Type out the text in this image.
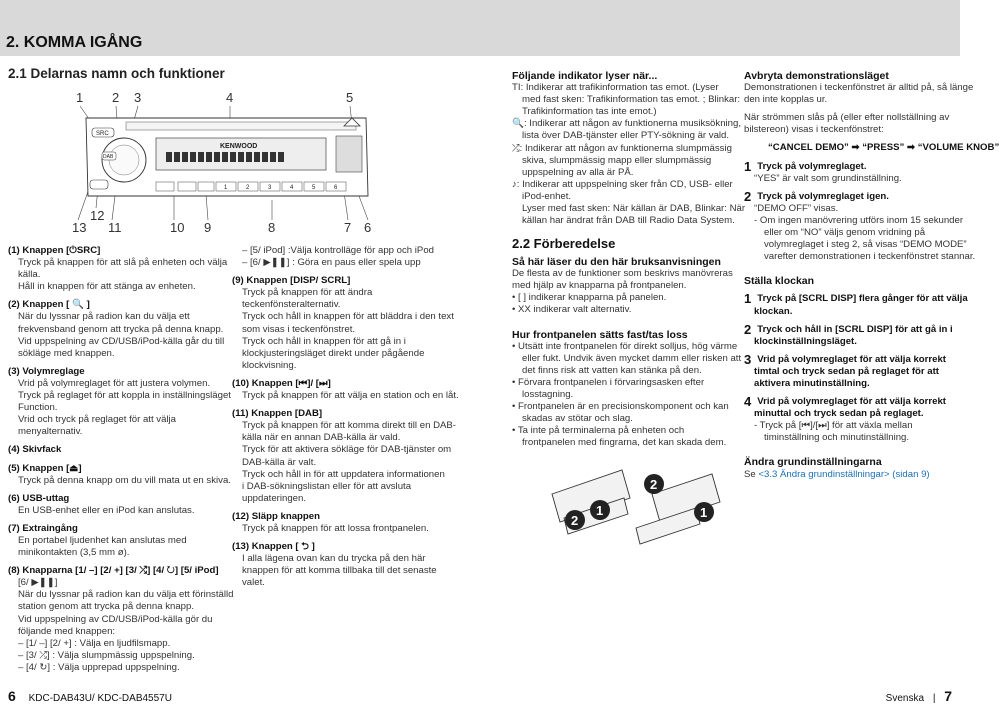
2. KOMMA IGÅNG
2.1 Delarnas namn och funktioner
1 2 3	4	5
12
13 11	10 9	8	7 6
KENWOOD
SRC
DAB
1	2	3	4	5	6

(1) Knappen [⏻SRC]

Tryck på knappen för att slå på enheten och välja

källa.

Håll in knappen för att stänga av enheten.

(2) Knappen [ 🔍 ]

När du lyssnar på radion kan du välja ett

frekvensband genom att trycka på denna knapp.

Vid uppspelning av CD/USB/iPod-källa går du till

sökläge med knappen.

(3) Volymreglage

Vrid på volymreglaget för att justera volymen.

Tryck på reglaget för att koppla in inställningsläget

Function.

Vrid och tryck på reglaget för att välja

menyalternativ.

(4) Skivfack

(5) Knappen [⏏]

Tryck på denna knapp om du vill mata ut en skiva.

(6) USB-uttag

En USB-enhet eller en iPod kan anslutas.

(7) Extraingång

En portabel ljudenhet kan anslutas med

minikontakten (3,5 mm ø).

(8) Knapparna [1/ –] [2/ +] [3/ ⤮] [4/ ↻] [5/ iPod]

[6/ ▶❚❚]

När du lyssnar på radion kan du välja ett förinställd

station genom att trycka på denna knapp.

Vid uppspelning av CD/USB/iPod-källa gör du

följande med knappen:

– [1/ –] [2/ +] : Välja en ljudfilsmapp.

– [3/ ⤮] : Välja slumpmässig uppspelning.

– [4/ ↻] : Välja upprepad uppspelning.

– [5/ iPod] :Välja kontrolläge för app och iPod

– [6/ ▶❚❚] : Göra en paus eller spela upp

(9) Knappen [DISP/ SCRL]

Tryck på knappen för att ändra

teckenfönsteralternativ.

Tryck och håll in knappen för att bläddra i den text

som visas i teckenfönstret.

Tryck och håll in knappen för att gå in i

klockjusteringsläget direkt under pågående

klockvisning.

(10) Knappen [⏮]/ [⏭]

Tryck på knappen för att välja en station och en låt.

(11) Knappen [DAB]

Tryck på knappen för att komma direkt till en DAB-

källa när en annan DAB-källa är vald.

Tryck för att aktivera sökläge för DAB-tjänster om

DAB-källa är valt.

Tryck och håll in för att uppdatera informationen

i DAB-sökningslistan eller för att avsluta

uppdateringen.

(12) Släpp knappen

Tryck på knappen för att lossa frontpanelen.

(13) Knappen [ ⮌ ]

I alla lägena ovan kan du trycka på den här

knappen för att komma tillbaka till det senaste

valet.

Följande indikator lyser när...

TI: Indikerar att trafikinformation tas emot. (Lyser

med fast sken: Trafikinformation tas emot. ; Blinkar:

Trafikinformation tas inte emot.)

🔍: Indikerar att någon av funktionerna musiksökning,

lista över DAB-tjänster eller PTY-sökning är vald.

⤮: Indikerar att någon av funktionerna slumpmässig

skiva, slumpmässig mapp eller slumpmässig

uppspelning av alla är PÅ.

♪: Indikerar att uppspelning sker från CD, USB- eller

iPod-enhet.

Lyser med fast sken: När källan är DAB, Blinkar: När

källan har ändrat från DAB till Radio Data System.

2.2 Förberedelse

Så här läser du den här bruksanvisningen

De flesta av de funktioner som beskrivs manövreras

med hjälp av knapparna på frontpanelen.

• [ ] indikerar knapparna på panelen.

• XX indikerar valt alternativ.

Hur frontpanelen sätts fast/tas loss

• Utsätt inte frontpanelen för direkt solljus, hög värme

eller fukt. Undvik även mycket damm eller risken att

det finns risk att vatten kan stänka på den.

• Förvara frontpanelen i förvaringsasken efter

losstagning.

• Frontpanelen är en precisionskomponent och kan

skadas av stötar och slag.

• Ta inte på terminalerna på enheten och

frontpanelen med fingrarna, det kan skada dem.

2
1
2
1

Avbryta demonstrationsläget

Demonstrationen i teckenfönstret är alltid på, så länge

den inte kopplas ur.

När strömmen slås på (eller efter nollställning av

bilstereon) visas i teckenfönstret:

“CANCEL DEMO” ➡ “PRESS” ➡ “VOLUME KNOB”

1 Tryck på volymreglaget.

“YES” är valt som grundinställning.

2 Tryck på volymreglaget igen.

“DEMO OFF” visas.

- Om ingen manövrering utförs inom 15 sekunder

eller om “NO” väljs genom vridning på

volymreglaget i steg 2, så visas “DEMO MODE”

varefter demonstrationen i teckenfönstret stannar.

Ställa klockan

1 Tryck på [SCRL DISP] flera gånger för att välja

klockan.

2 Tryck och håll in [SCRL DISP] för att gå in i

klockinställningsläget.

3 Vrid på volymreglaget för att välja korrekt

timtal och tryck sedan på reglaget för att

aktivera minutinställning.

4 Vrid på volymreglaget för att välja korrekt

minuttal och tryck sedan på reglaget.

- Tryck på [⏮]/[⏭] för att växla mellan

timinställning och minutinställning.

Ändra grundinställningarna

Se <3.3 Ändra grundinställningar> (sidan 9)

6 KDC-DAB43U/ KDC-DAB4557U	Svenska | 7
